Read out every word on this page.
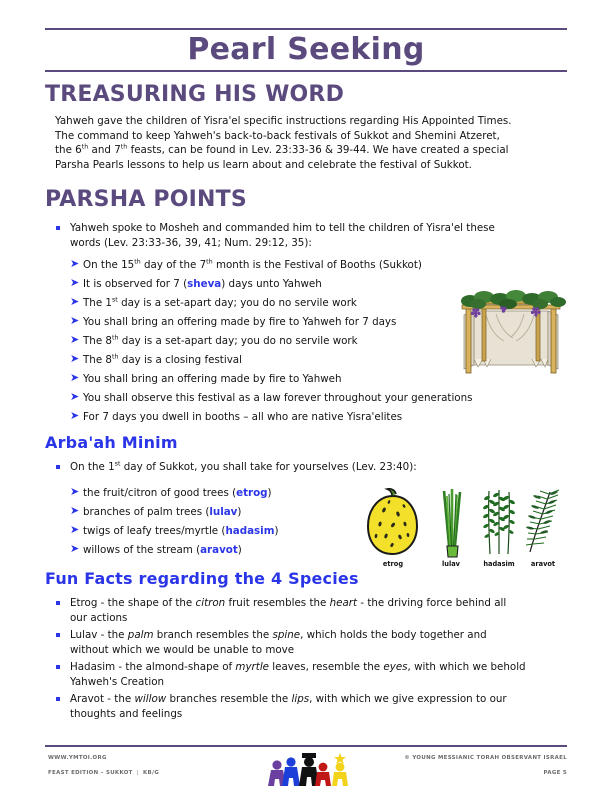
Pearl Seeking
TREASURING HIS WORD
Yahweh gave the children of Yisra'el specific instructions regarding His Appointed Times.
The command to keep Yahweh's back-to-back festivals of Sukkot and Shemini Atzeret,
the 6th and 7th feasts, can be found in Lev. 23:33-36 & 39-44. We have created a special
Parsha Pearls lessons to help us learn about and celebrate the festival of Sukkot.
PARSHA POINTS
Yahweh spoke to Mosheh and commanded him to tell the children of Yisra'el these
words (Lev. 23:33-36, 39, 41; Num. 29:12, 35):
➤ On the 15th day of the 7th month is the Festival of Booths (Sukkot)
➤ It is observed for 7 (sheva) days unto Yahweh
➤ The 1st day is a set-apart day; you do no servile work
➤ You shall bring an offering made by fire to Yahweh for 7 days
➤ The 8th day is a set-apart day; you do no servile work
➤ The 8th day is a closing festival
➤ You shall bring an offering made by fire to Yahweh
➤ You shall observe this festival as a law forever throughout your generations
➤ For 7 days you dwell in booths – all who are native Yisra'elites
Arba'ah Minim
On the 1st day of Sukkot, you shall take for yourselves (Lev. 23:40):
➤ the fruit/citron of good trees (etrog)
➤ branches of palm trees (lulav)
➤ twigs of leafy trees/myrtle (hadasim)
➤ willows of the stream (aravot)
etrog	lulav	hadasim	aravot
Fun Facts regarding the 4 Species
Etrog - the shape of the citron fruit resembles the heart - the driving force behind all
our actions
Lulav - the palm branch resembles the spine, which holds the body together and
without which we would be unable to move
Hadasim - the almond-shape of myrtle leaves, resemble the eyes, with which we behold
Yahweh's Creation
Aravot - the willow branches resemble the lips, with which we give expression to our
thoughts and feelings
WWW.YMTOI.ORG
FEAST EDITION – SUKKOT | KB/G
© YOUNG MESSIANIC TORAH OBSERVANT ISRAEL
PAGE 5
